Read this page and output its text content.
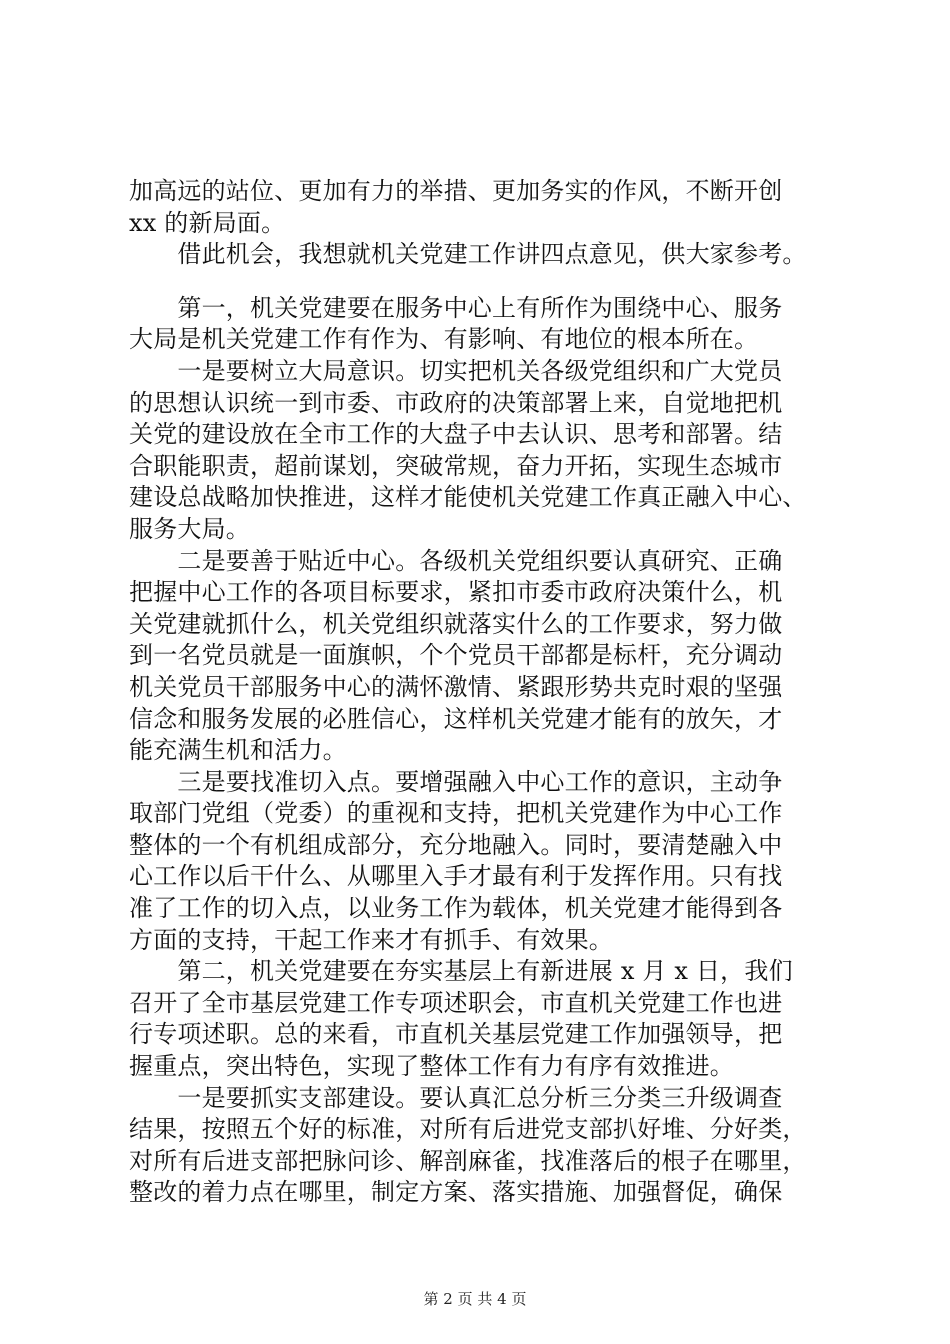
加高远的站位、更加有力的举措、更加务实的作风，不断开创
xx 的新局面。
　　借此机会，我想就机关党建工作讲四点意见，供大家参考。
　　第一，机关党建要在服务中心上有所作为围绕中心、服务
大局是机关党建工作有作为、有影响、有地位的根本所在。
　　一是要树立大局意识。切实把机关各级党组织和广大党员
的思想认识统一到市委、市政府的决策部署上来，自觉地把机
关党的建设放在全市工作的大盘子中去认识、思考和部署。结
合职能职责，超前谋划，突破常规，奋力开拓，实现生态城市
建设总战略加快推进，这样才能使机关党建工作真正融入中心、
服务大局。
　　二是要善于贴近中心。各级机关党组织要认真研究、正确
把握中心工作的各项目标要求，紧扣市委市政府决策什么，机
关党建就抓什么，机关党组织就落实什么的工作要求，努力做
到一名党员就是一面旗帜，个个党员干部都是标杆，充分调动
机关党员干部服务中心的满怀激情、紧跟形势共克时艰的坚强
信念和服务发展的必胜信心，这样机关党建才能有的放矢，才
能充满生机和活力。
　　三是要找准切入点。要增强融入中心工作的意识，主动争
取部门党组（党委）的重视和支持，把机关党建作为中心工作
整体的一个有机组成部分，充分地融入。同时，要清楚融入中
心工作以后干什么、从哪里入手才最有利于发挥作用。只有找
准了工作的切入点，以业务工作为载体，机关党建才能得到各
方面的支持，干起工作来才有抓手、有效果。
　　第二，机关党建要在夯实基层上有新进展 x 月 x 日，我们
召开了全市基层党建工作专项述职会，市直机关党建工作也进
行专项述职。总的来看，市直机关基层党建工作加强领导，把
握重点，突出特色，实现了整体工作有力有序有效推进。
　　一是要抓实支部建设。要认真汇总分析三分类三升级调查
结果，按照五个好的标准，对所有后进党支部扒好堆、分好类，
对所有后进支部把脉问诊、解剖麻雀，找准落后的根子在哪里，
整改的着力点在哪里，制定方案、落实措施、加强督促，确保
第 2 页 共 4 页
